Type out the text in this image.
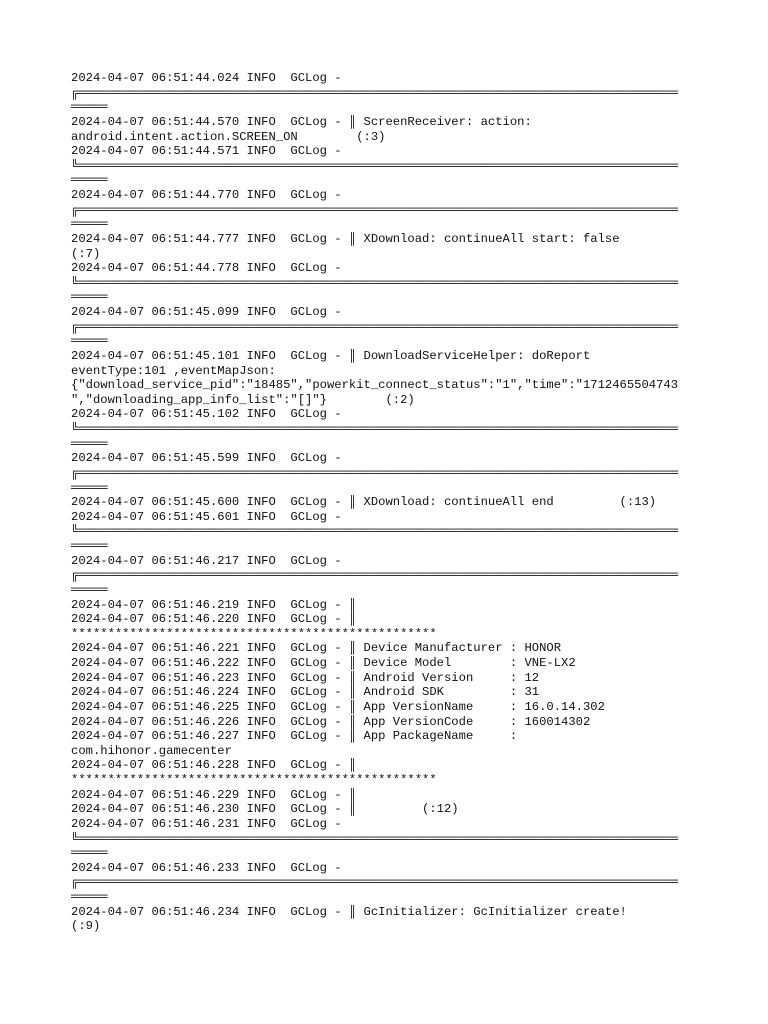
2024-04-07 06:51:44.024 INFO  GCLog -
╔══════════════════════════════════════════════════════════════════════════════════
═════
2024-04-07 06:51:44.570 INFO  GCLog - ║ ScreenReceiver: action:
android.intent.action.SCREEN_ON        (:3)
2024-04-07 06:51:44.571 INFO  GCLog -
╚══════════════════════════════════════════════════════════════════════════════════
═════
2024-04-07 06:51:44.770 INFO  GCLog -
╔══════════════════════════════════════════════════════════════════════════════════
═════
2024-04-07 06:51:44.777 INFO  GCLog - ║ XDownload: continueAll start: false
(:7)
2024-04-07 06:51:44.778 INFO  GCLog -
╚══════════════════════════════════════════════════════════════════════════════════
═════
2024-04-07 06:51:45.099 INFO  GCLog -
╔══════════════════════════════════════════════════════════════════════════════════
═════
2024-04-07 06:51:45.101 INFO  GCLog - ║ DownloadServiceHelper: doReport
eventType:101 ,eventMapJson:
{"download_service_pid":"18485","powerkit_connect_status":"1","time":"1712465504743
","downloading_app_info_list":"[]"}        (:2)
2024-04-07 06:51:45.102 INFO  GCLog -
╚══════════════════════════════════════════════════════════════════════════════════
═════
2024-04-07 06:51:45.599 INFO  GCLog -
╔══════════════════════════════════════════════════════════════════════════════════
═════
2024-04-07 06:51:45.600 INFO  GCLog - ║ XDownload: continueAll end         (:13)
2024-04-07 06:51:45.601 INFO  GCLog -
╚══════════════════════════════════════════════════════════════════════════════════
═════
2024-04-07 06:51:46.217 INFO  GCLog -
╔══════════════════════════════════════════════════════════════════════════════════
═════
2024-04-07 06:51:46.219 INFO  GCLog - ║
2024-04-07 06:51:46.220 INFO  GCLog - ║
**************************************************
2024-04-07 06:51:46.221 INFO  GCLog - ║ Device Manufacturer : HONOR
2024-04-07 06:51:46.222 INFO  GCLog - ║ Device Model        : VNE-LX2
2024-04-07 06:51:46.223 INFO  GCLog - ║ Android Version     : 12
2024-04-07 06:51:46.224 INFO  GCLog - ║ Android SDK         : 31
2024-04-07 06:51:46.225 INFO  GCLog - ║ App VersionName     : 16.0.14.302
2024-04-07 06:51:46.226 INFO  GCLog - ║ App VersionCode     : 160014302
2024-04-07 06:51:46.227 INFO  GCLog - ║ App PackageName     :
com.hihonor.gamecenter
2024-04-07 06:51:46.228 INFO  GCLog - ║
**************************************************
2024-04-07 06:51:46.229 INFO  GCLog - ║
2024-04-07 06:51:46.230 INFO  GCLog - ║         (:12)
2024-04-07 06:51:46.231 INFO  GCLog -
╚══════════════════════════════════════════════════════════════════════════════════
═════
2024-04-07 06:51:46.233 INFO  GCLog -
╔══════════════════════════════════════════════════════════════════════════════════
═════
2024-04-07 06:51:46.234 INFO  GCLog - ║ GcInitializer: GcInitializer create!
(:9)
